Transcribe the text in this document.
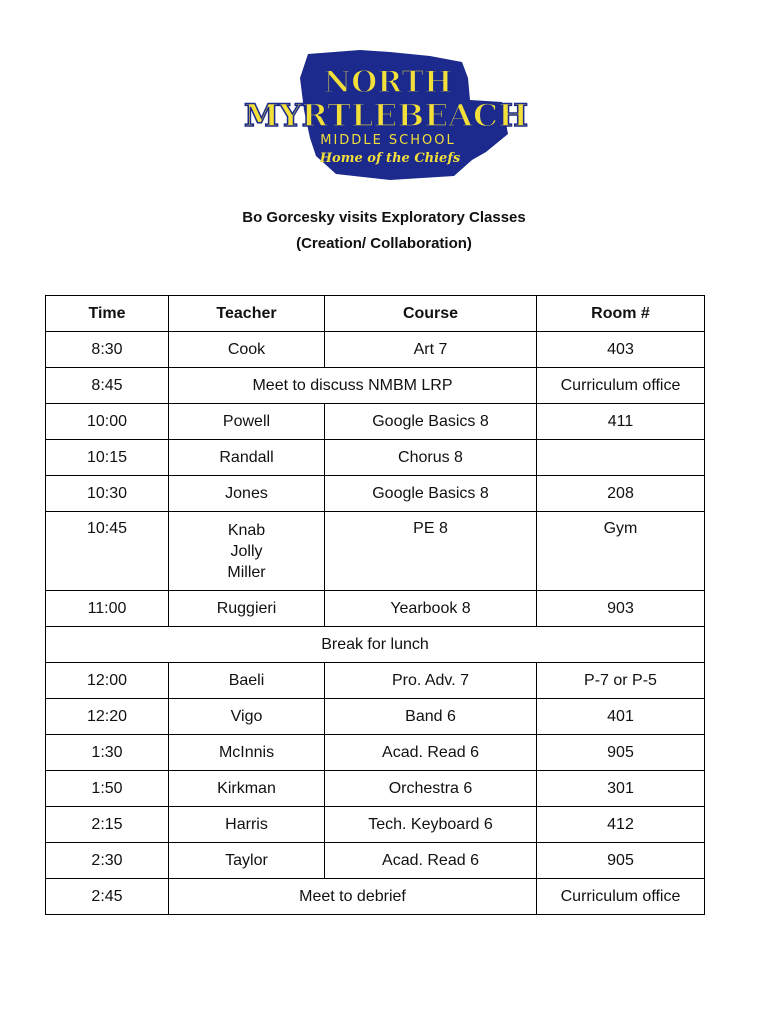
NORTH
MYRTLEBEACH
MIDDLE SCHOOL
Home of the Chiefs
Bo Gorcesky visits Exploratory Classes
(Creation/ Collaboration)
Time	Teacher	Course	Room #
8:30	Cook	Art 7	403
8:45	Meet to discuss NMBM LRP		Curriculum office
10:00	Powell	Google Basics 8	411
10:15	Randall	Chorus 8	
10:30	Jones	Google Basics 8	208
10:45	Knab
Jolly
Miller	PE 8	Gym
11:00	Ruggieri	Yearbook 8	903
Break for lunch			
12:00	Baeli	Pro. Adv. 7	P-7 or P-5
12:20	Vigo	Band 6	401
1:30	McInnis	Acad. Read 6	905
1:50	Kirkman	Orchestra 6	301
2:15	Harris	Tech. Keyboard 6	412
2:30	Taylor	Acad. Read 6	905
2:45	Meet to debrief		Curriculum office
